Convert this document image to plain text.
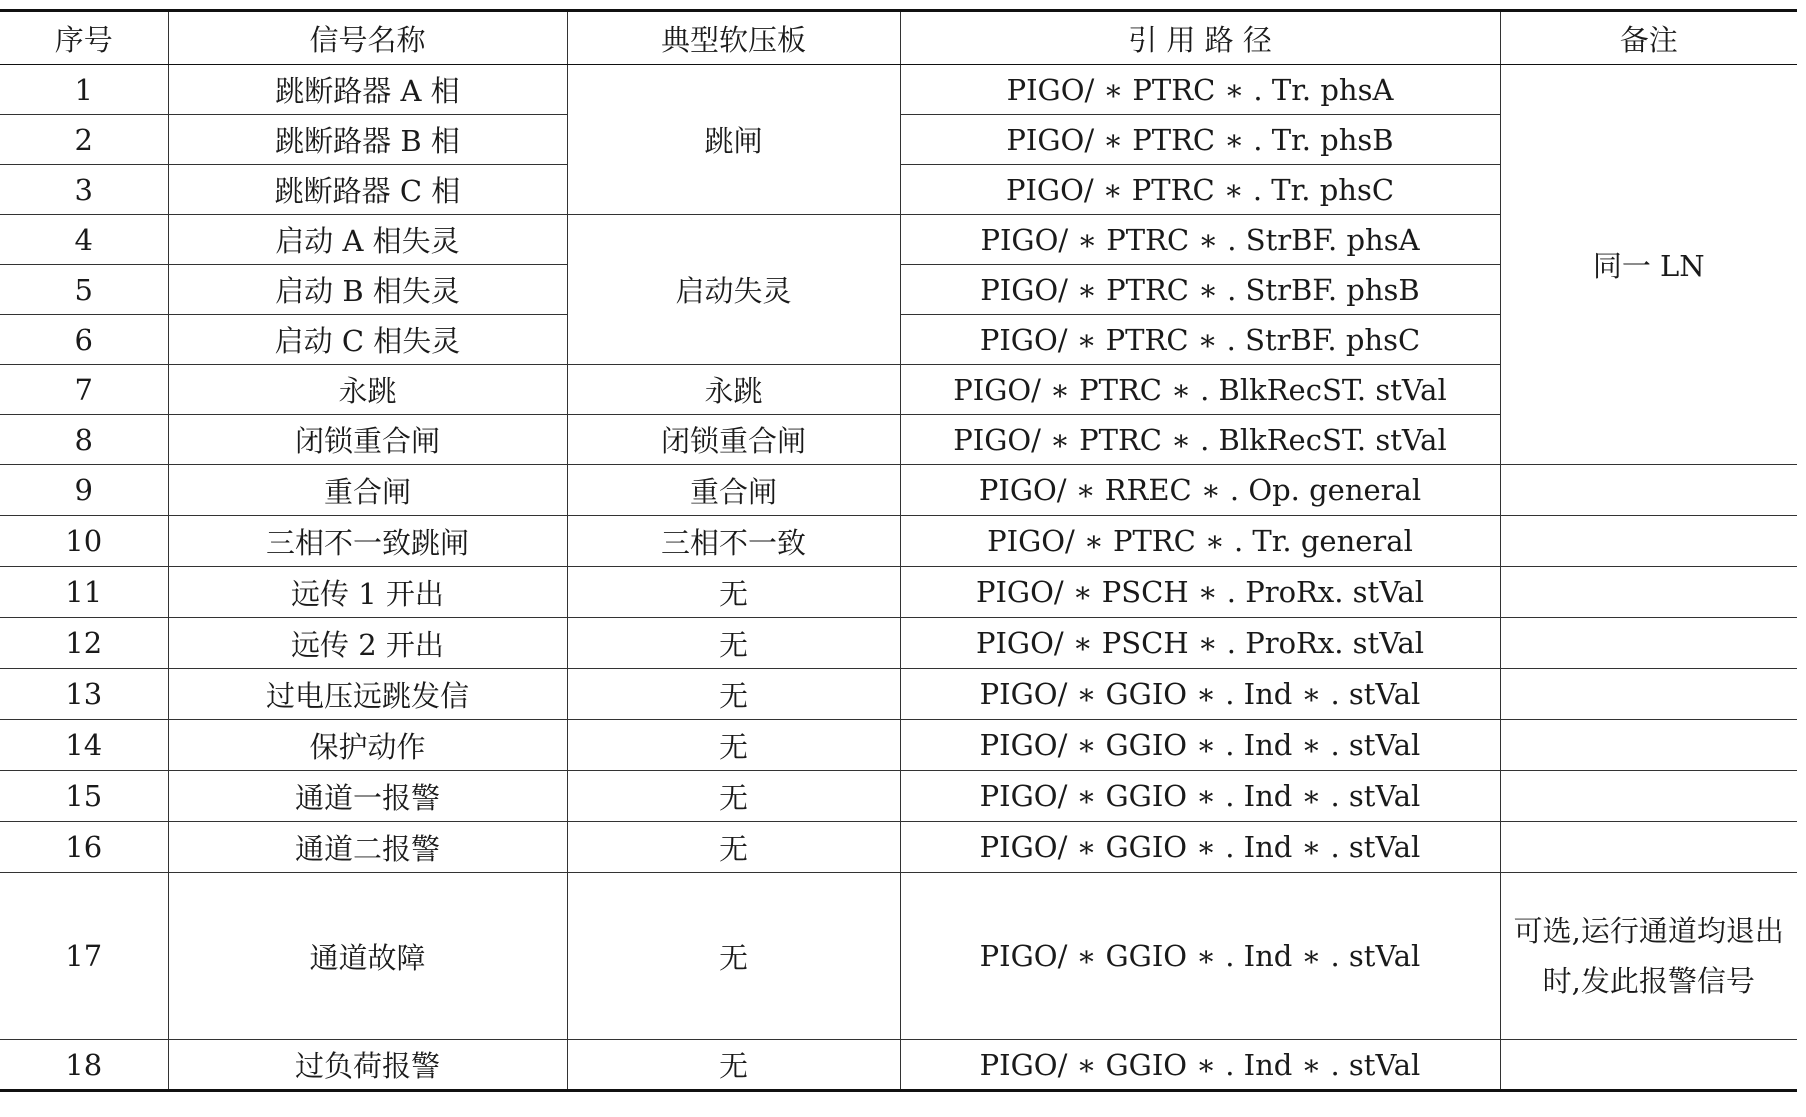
序号	信号名称	典型软压板	引 用 路 径	备注
1	跳断路器 A 相	跳闸	PIGO/ ∗ PTRC ∗ . Tr. phsA	同一 LN
2	跳断路器 B 相		PIGO/ ∗ PTRC ∗ . Tr. phsB	
3	跳断路器 C 相		PIGO/ ∗ PTRC ∗ . Tr. phsC	
4	启动 A 相失灵	启动失灵	PIGO/ ∗ PTRC ∗ . StrBF. phsA	
5	启动 B 相失灵		PIGO/ ∗ PTRC ∗ . StrBF. phsB	
6	启动 C 相失灵		PIGO/ ∗ PTRC ∗ . StrBF. phsC	
7	永跳	永跳	PIGO/ ∗ PTRC ∗ . BlkRecST. stVal	
8	闭锁重合闸	闭锁重合闸	PIGO/ ∗ PTRC ∗ . BlkRecST. stVal	
9	重合闸	重合闸	PIGO/ ∗ RREC ∗ . Op. general	
10	三相不一致跳闸	三相不一致	PIGO/ ∗ PTRC ∗ . Tr. general	
11	远传 1 开出	无	PIGO/ ∗ PSCH ∗ . ProRx. stVal	
12	远传 2 开出	无	PIGO/ ∗ PSCH ∗ . ProRx. stVal	
13	过电压远跳发信	无	PIGO/ ∗ GGIO ∗ . Ind ∗ . stVal	
14	保护动作	无	PIGO/ ∗ GGIO ∗ . Ind ∗ . stVal	
15	通道一报警	无	PIGO/ ∗ GGIO ∗ . Ind ∗ . stVal	
16	通道二报警	无	PIGO/ ∗ GGIO ∗ . Ind ∗ . stVal	
17	通道故障	无	PIGO/ ∗ GGIO ∗ . Ind ∗ . stVal	可选,运行通道均退出时,发此报警信号
18	过负荷报警	无	PIGO/ ∗ GGIO ∗ . Ind ∗ . stVal	
